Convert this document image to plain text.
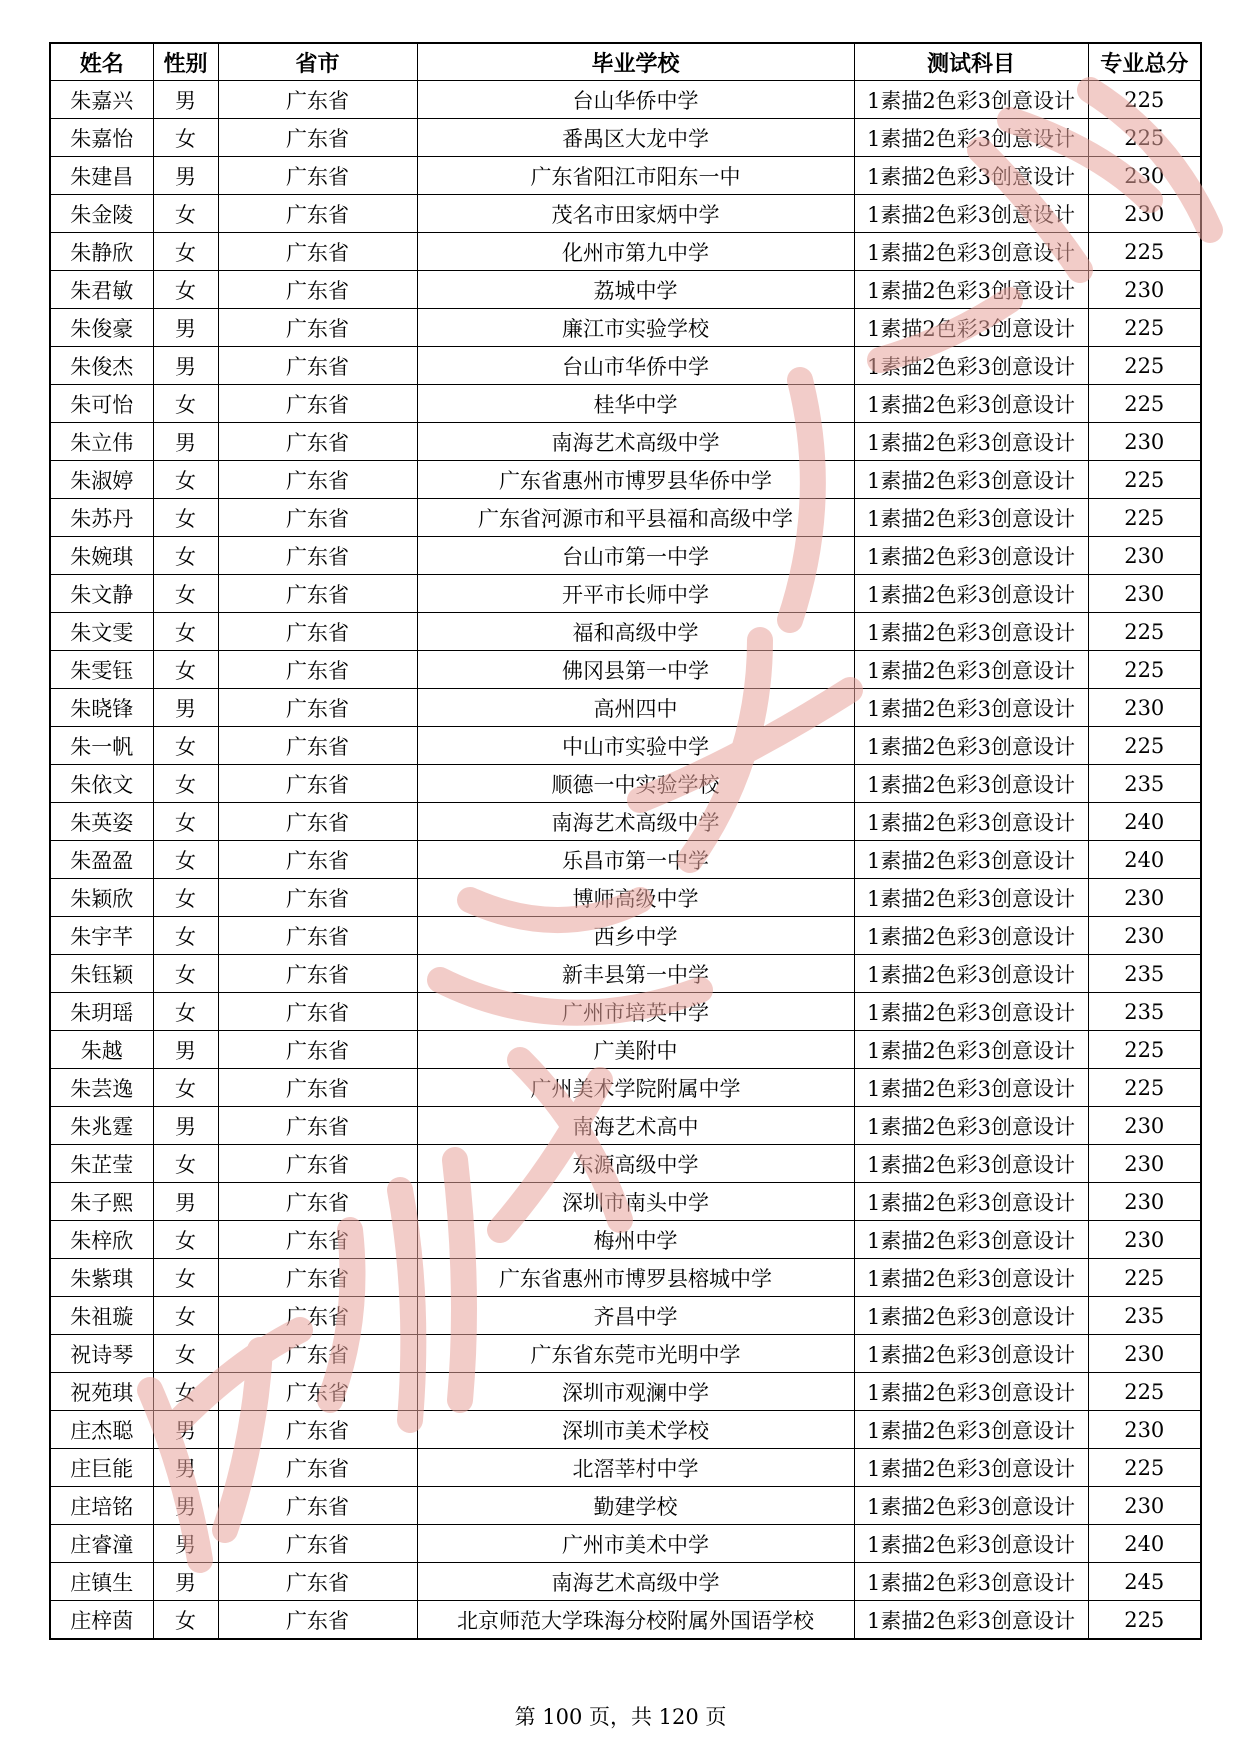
姓名	性别	省市	毕业学校	测试科目	专业总分
朱嘉兴	男	广东省	台山华侨中学	1素描2色彩3创意设计	225
朱嘉怡	女	广东省	番禺区大龙中学	1素描2色彩3创意设计	225
朱建昌	男	广东省	广东省阳江市阳东一中	1素描2色彩3创意设计	230
朱金陵	女	广东省	茂名市田家炳中学	1素描2色彩3创意设计	230
朱静欣	女	广东省	化州市第九中学	1素描2色彩3创意设计	225
朱君敏	女	广东省	荔城中学	1素描2色彩3创意设计	230
朱俊豪	男	广东省	廉江市实验学校	1素描2色彩3创意设计	225
朱俊杰	男	广东省	台山市华侨中学	1素描2色彩3创意设计	225
朱可怡	女	广东省	桂华中学	1素描2色彩3创意设计	225
朱立伟	男	广东省	南海艺术高级中学	1素描2色彩3创意设计	230
朱淑婷	女	广东省	广东省惠州市博罗县华侨中学	1素描2色彩3创意设计	225
朱苏丹	女	广东省	广东省河源市和平县福和高级中学	1素描2色彩3创意设计	225
朱婉琪	女	广东省	台山市第一中学	1素描2色彩3创意设计	230
朱文静	女	广东省	开平市长师中学	1素描2色彩3创意设计	230
朱文雯	女	广东省	福和高级中学	1素描2色彩3创意设计	225
朱雯钰	女	广东省	佛冈县第一中学	1素描2色彩3创意设计	225
朱晓锋	男	广东省	高州四中	1素描2色彩3创意设计	230
朱一帆	女	广东省	中山市实验中学	1素描2色彩3创意设计	225
朱依文	女	广东省	顺德一中实验学校	1素描2色彩3创意设计	235
朱英姿	女	广东省	南海艺术高级中学	1素描2色彩3创意设计	240
朱盈盈	女	广东省	乐昌市第一中学	1素描2色彩3创意设计	240
朱颖欣	女	广东省	博师高级中学	1素描2色彩3创意设计	230
朱宇芊	女	广东省	西乡中学	1素描2色彩3创意设计	230
朱钰颖	女	广东省	新丰县第一中学	1素描2色彩3创意设计	235
朱玥瑶	女	广东省	广州市培英中学	1素描2色彩3创意设计	235
朱越	男	广东省	广美附中	1素描2色彩3创意设计	225
朱芸逸	女	广东省	广州美术学院附属中学	1素描2色彩3创意设计	225
朱兆霆	男	广东省	南海艺术高中	1素描2色彩3创意设计	230
朱芷莹	女	广东省	东源高级中学	1素描2色彩3创意设计	230
朱子熙	男	广东省	深圳市南头中学	1素描2色彩3创意设计	230
朱梓欣	女	广东省	梅州中学	1素描2色彩3创意设计	230
朱紫琪	女	广东省	广东省惠州市博罗县榕城中学	1素描2色彩3创意设计	225
朱祖璇	女	广东省	齐昌中学	1素描2色彩3创意设计	235
祝诗琴	女	广东省	广东省东莞市光明中学	1素描2色彩3创意设计	230
祝苑琪	女	广东省	深圳市观澜中学	1素描2色彩3创意设计	225
庄杰聪	男	广东省	深圳市美术学校	1素描2色彩3创意设计	230
庄巨能	男	广东省	北滘莘村中学	1素描2色彩3创意设计	225
庄培铭	男	广东省	勤建学校	1素描2色彩3创意设计	230
庄睿潼	男	广东省	广州市美术中学	1素描2色彩3创意设计	240
庄镇生	男	广东省	南海艺术高级中学	1素描2色彩3创意设计	245
庄梓茵	女	广东省	北京师范大学珠海分校附属外国语学校	1素描2色彩3创意设计	225
第 100 页，共 120 页
